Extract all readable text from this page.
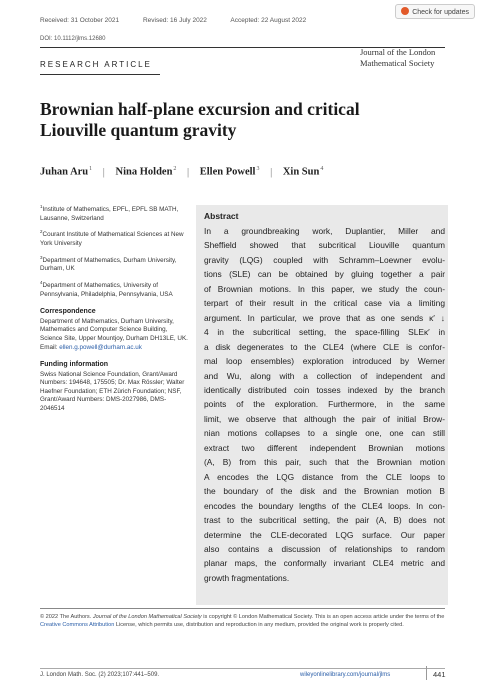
Received: 31 October 2021	Revised: 16 July 2022	Accepted: 22 August 2022
Check for updates
DOI: 10.1112/jlms.12680
RESEARCH ARTICLE
Journal of the London
Mathematical Society
Brownian half-plane excursion and critical
Liouville quantum gravity
Juhan Aru$^1$ | Nina Holden$^2$ | Ellen Powell$^3$ | Xin Sun$^4$

$^1$Institute of Mathematics, EPFL, EPFL SB MATH, Lausanne, Switzerland

$^2$Courant Institute of Mathematical Sciences at New York University

$^3$Department of Mathematics, Durham University, Durham, UK

$^4$Department of Mathematics, University of Pennsylvania, Philadelphia, Pennsylvania, USA

Correspondence
Department of Mathematics, Durham University, Mathematics and Computer Science Building, Science Site, Upper Mountjoy, Durham DH13LE, UK.
Email: ellen.g.powell@durham.ac.uk
Funding information
Swiss National Science Foundation, Grant/Award Numbers: 194648, 175505; Dr. Max Rössler; Walter Haefner Foundation; ETH Zürich Foundation; NSF, Grant/Award Numbers: DMS-2027986, DMS-2046514
Abstract
In a groundbreaking work, Duplantier, Miller and
Sheffield showed that subcritical Liouville quantum
gravity (LQG) coupled with Schramm–Loewner evolu-
tions (SLE) can be obtained by gluing together a pair
of Brownian motions. In this paper, we study the coun-
terpart of their result in the critical case via a limiting
argument. In particular, we prove that as one sends κ′ ↓
4 in the subcritical setting, the space-filling SLEκ′ in
a disk degenerates to the CLE4 (where CLE is confor-
mal loop ensembles) exploration introduced by Werner
and Wu, along with a collection of independent and
identically distributed coin tosses indexed by the branch
points of the exploration. Furthermore, in the same
limit, we observe that although the pair of initial Brow-
nian motions collapses to a single one, one can still
extract two different independent Brownian motions
(A, B) from this pair, such that the Brownian motion
A encodes the LQG distance from the CLE loops to
the boundary of the disk and the Brownian motion B
encodes the boundary lengths of the CLE4 loops. In con-
trast to the subcritical setting, the pair (A, B) does not
determine the CLE-decorated LQG surface. Our paper
also contains a discussion of relationships to random
planar maps, the conformally invariant CLE4 metric and
growth fragmentations.
© 2022 The Authors. Journal of the London Mathematical Society is copyright © London Mathematical Society. This is an open access article under the terms of the Creative Commons Attribution License, which permits use, distribution and reproduction in any medium, provided the original work is properly cited.
J. London Math. Soc. (2) 2023;107:441–509.	wileyonlinelibrary.com/journal/jlms	441
